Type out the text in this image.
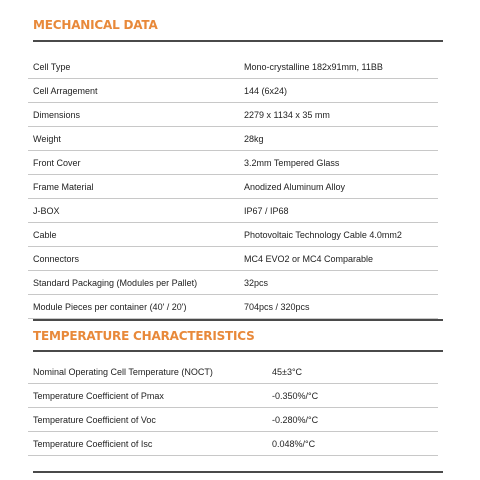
MECHANICAL DATA
Cell Type	Mono-crystalline 182x91mm, 11BB
Cell Arragement	144 (6x24)
Dimensions	2279 x 1134 x 35 mm
Weight	28kg
Front Cover	3.2mm Tempered Glass
Frame Material	Anodized Aluminum Alloy
J-BOX	IP67 / IP68
Cable	Photovoltaic Technology Cable 4.0mm2
Connectors	MC4 EVO2 or MC4 Comparable
Standard Packaging (Modules per Pallet)	32pcs
Module Pieces per container (40' / 20')	704pcs / 320pcs
TEMPERATURE CHARACTERISTICS
Nominal Operating Cell Temperature (NOCT)	45±3°C
Temperature Coefficient of Pmax	-0.350%/°C
Temperature Coefficient of Voc	-0.280%/°C
Temperature Coefficient of Isc	0.048%/°C
